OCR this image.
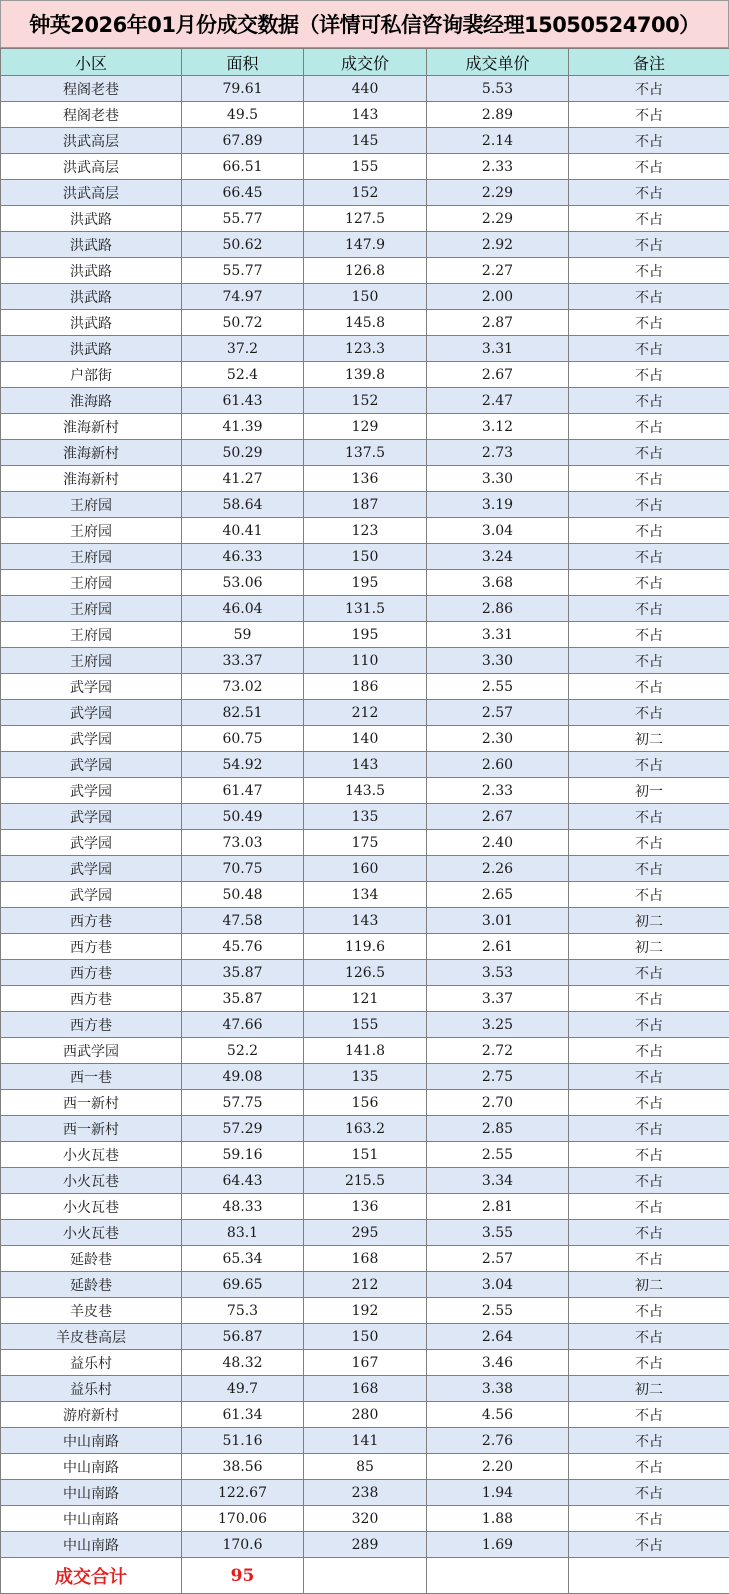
钟英2026年01月份成交数据（详情可私信咨询裴经理15050524700）
小区	面积	成交价	成交单价	备注
程阁老巷	79.61	440	5.53	不占
程阁老巷	49.5	143	2.89	不占
洪武高层	67.89	145	2.14	不占
洪武高层	66.51	155	2.33	不占
洪武高层	66.45	152	2.29	不占
洪武路	55.77	127.5	2.29	不占
洪武路	50.62	147.9	2.92	不占
洪武路	55.77	126.8	2.27	不占
洪武路	74.97	150	2.00	不占
洪武路	50.72	145.8	2.87	不占
洪武路	37.2	123.3	3.31	不占
户部街	52.4	139.8	2.67	不占
淮海路	61.43	152	2.47	不占
淮海新村	41.39	129	3.12	不占
淮海新村	50.29	137.5	2.73	不占
淮海新村	41.27	136	3.30	不占
王府园	58.64	187	3.19	不占
王府园	40.41	123	3.04	不占
王府园	46.33	150	3.24	不占
王府园	53.06	195	3.68	不占
王府园	46.04	131.5	2.86	不占
王府园	59	195	3.31	不占
王府园	33.37	110	3.30	不占
武学园	73.02	186	2.55	不占
武学园	82.51	212	2.57	不占
武学园	60.75	140	2.30	初二
武学园	54.92	143	2.60	不占
武学园	61.47	143.5	2.33	初一
武学园	50.49	135	2.67	不占
武学园	73.03	175	2.40	不占
武学园	70.75	160	2.26	不占
武学园	50.48	134	2.65	不占
西方巷	47.58	143	3.01	初二
西方巷	45.76	119.6	2.61	初二
西方巷	35.87	126.5	3.53	不占
西方巷	35.87	121	3.37	不占
西方巷	47.66	155	3.25	不占
西武学园	52.2	141.8	2.72	不占
西一巷	49.08	135	2.75	不占
西一新村	57.75	156	2.70	不占
西一新村	57.29	163.2	2.85	不占
小火瓦巷	59.16	151	2.55	不占
小火瓦巷	64.43	215.5	3.34	不占
小火瓦巷	48.33	136	2.81	不占
小火瓦巷	83.1	295	3.55	不占
延龄巷	65.34	168	2.57	不占
延龄巷	69.65	212	3.04	初二
羊皮巷	75.3	192	2.55	不占
羊皮巷高层	56.87	150	2.64	不占
益乐村	48.32	167	3.46	不占
益乐村	49.7	168	3.38	初二
游府新村	61.34	280	4.56	不占
中山南路	51.16	141	2.76	不占
中山南路	38.56	85	2.20	不占
中山南路	122.67	238	1.94	不占
中山南路	170.06	320	1.88	不占
中山南路	170.6	289	1.69	不占
成交合计	95			
